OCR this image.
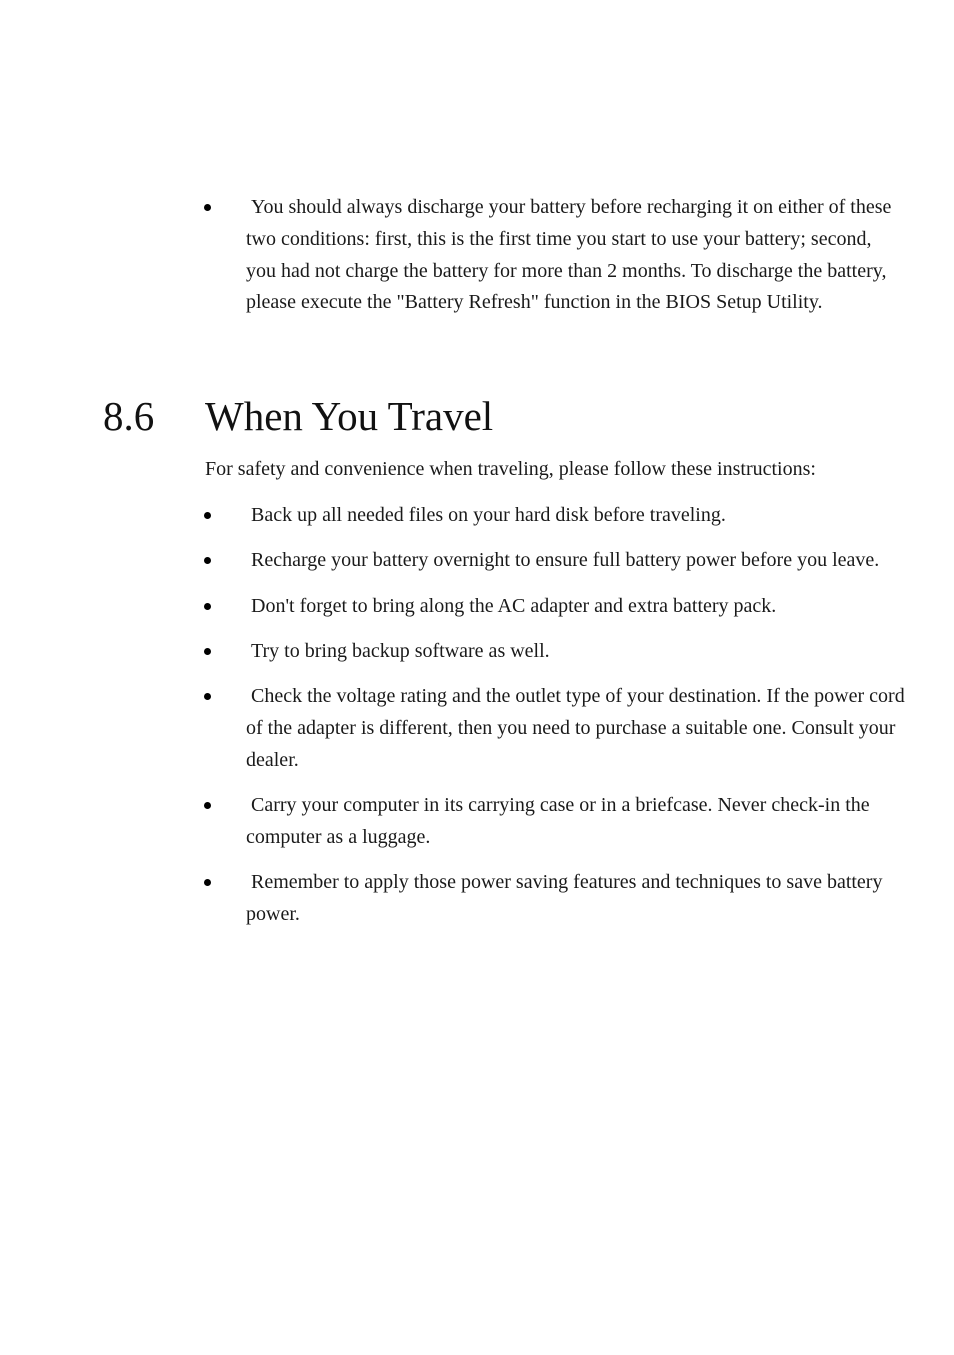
You should always discharge your battery before recharging it on either of these two conditions: first, this is the first time you start to use your battery; second, you had not charge the battery for more than 2 months. To discharge the battery, please execute the "Battery Refresh" function in the BIOS Setup Utility.
8.6 When You Travel

For safety and convenience when traveling, please follow these instructions:

Back up all needed files on your hard disk before traveling.
Recharge your battery overnight to ensure full battery power before you leave.
Don't forget to bring along the AC adapter and extra battery pack.
Try to bring backup software as well.
Check the voltage rating and the outlet type of your destination. If the power cord of the adapter is different, then you need to purchase a suitable one. Consult your dealer.
Carry your computer in its carrying case or in a briefcase. Never check-in the computer as a luggage.
Remember to apply those power saving features and techniques to save battery power.
